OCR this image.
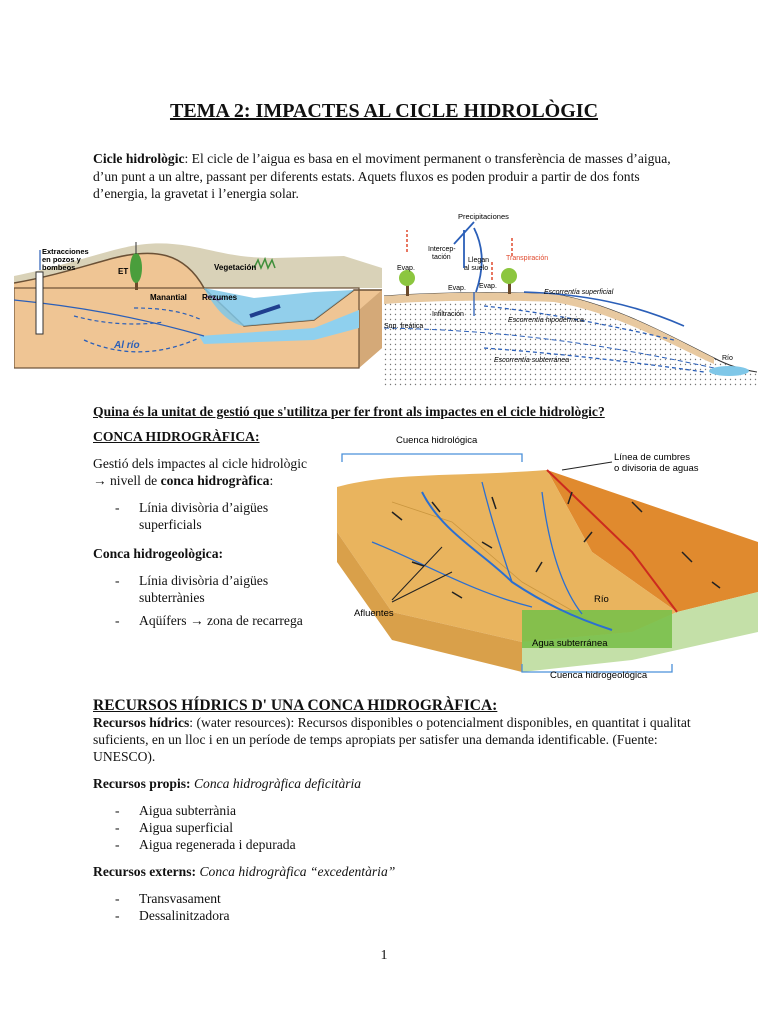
TEMA 2: IMPACTES AL CICLE HIDROLÒGIC
Cicle hidrològic: El cicle de l’aigua es basa en el moviment permanent o transferència de masses d’aigua, d’un punt a un altre, passant per diferents estats. Aquets fluxos es poden produir a partir de dos fonts d’energia, la gravetat i l’energia solar.
Extracciones
en pozos y
bombeos	ET	Vegetación
Manantial Rezumes
Al río
Precipitaciones
Intercep-
tación Llegan
al suelo
Evap.
Evap. Evap.
Transpiración
Escorrentía superficial
Infiltración
Escorrentía hipodérmica
Sup. freática
Escorrentía subterránea	Río
Quina és la unitat de gestió que s'utilitza per fer front als impactes en el cicle hidrològic?
CONCA HIDROGRÀFICA:

Gestió dels impactes al cicle hidrològic → nivell de conca hidrogràfica:

- Línia divisòria d’aigües superficials
Conca hidrogeològica:
- Línia divisòria d’aigües subterrànies
- Aqüífers → zona de recarrega
Cuenca hidrológica
Línea de cumbres
o divisoria de aguas
Afluentes
Río
Agua subterránea
Cuenca hidrogeológica
RECURSOS HÍDRICS D' UNA CONCA HIDROGRÀFICA:

Recursos hídrics: (water resources): Recursos disponibles o potencialment disponibles, en quantitat i qualitat suficients, en un lloc i en un període de temps apropiats per satisfer una demanda identificable. (Fuente: UNESCO).

Recursos propis: Conca hidrogràfica deficitària

- Aigua subterrània
- Aigua superficial
- Aigua regenerada i depurada

Recursos externs: Conca hidrogràfica “excedentària”

- Transvasament
- Dessalinitzadora
1
